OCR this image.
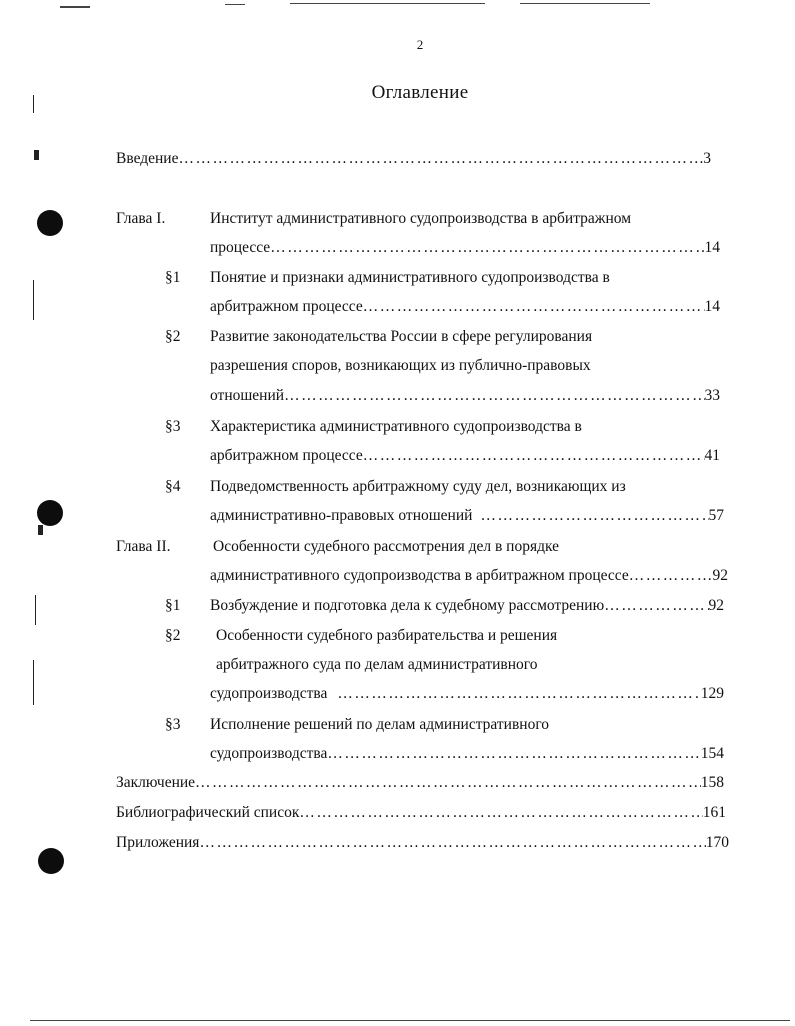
2
Оглавление
Введение ………………………………………………………………………………………………………………………………………………	3
Глава I.	Институт административного судопроизводства в арбитражном
процессе ………………………………………………………………………………………………………………………………………………	14
§1 Понятие и признаки административного судопроизводства в
арбитражном процессе ………………………………………………………………………………………………………………………………………………	14
§2 Развитие законодательства России в сфере регулирования
разрешения споров, возникающих из публично-правовых
отношений ………………………………………………………………………………………………………………………………………………	33
§3 Характеристика административного судопроизводства в
арбитражном процессе ………………………………………………………………………………………………………………………………………………	41
§4 Подведомственность арбитражному суду дел, возникающих из
административно-правовых отношений ………………………………………………………………………………………………………………………………………………	57
Глава II.	Особенности судебного рассмотрения дел в порядке
административного судопроизводства в арбитражном процессе ………………………………………………………………………………………………………………………………………………	92
§1 Возбуждение и подготовка дела к судебному рассмотрению ………………………………………………………………………………………………………………………………………………	92
§2 Особенности судебного разбирательства и решения
арбитражного суда по делам административного
судопроизводства ………………………………………………………………………………………………………………………………………………	129
§3 Исполнение решений по делам административного
судопроизводства ………………………………………………………………………………………………………………………………………………	154
Заключение ………………………………………………………………………………………………………………………………………………	158
Библиографический список ………………………………………………………………………………………………………………………………………………	161
Приложения ………………………………………………………………………………………………………………………………………………	170
